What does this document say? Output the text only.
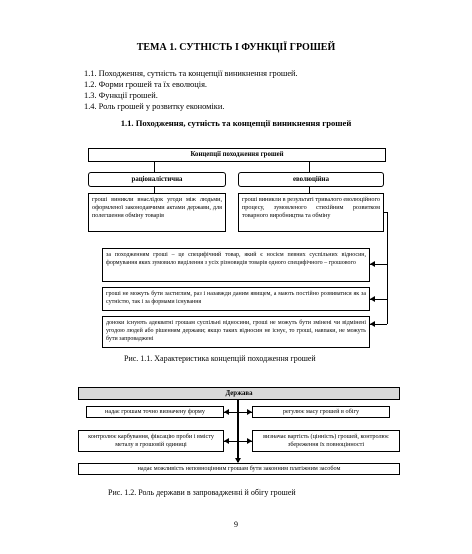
ТЕМА 1. СУТНІСТЬ І ФУНКЦІЇ ГРОШЕЙ
1.1. Походження, сутність та концепції виникнення грошей.
1.2. Форми грошей та їх еволюція.
1.3. Функції грошей.
1.4. Роль грошей у розвитку економіки.
1.1. Походження, сутність та концепції виникнення грошей
Концепції походження грошей
раціоналістична	еволюційна
гроші виникли внаслідок угоди між людьми, оформленої законодавчими актами держави, для полегшення обміну товарів
гроші виникли в результаті тривалого еволюційного процесу, зумовленого стихійним розвитком товарного виробництва та обміну
за походженням гроші – це специфічний товар, який є носієм певних суспільних відносин, формування яких зумовило виділення з усіх різновидів товарів одного специфічного – грошового
гроші не можуть бути застиглим, раз і назавжди даним явищем, а мають постійно розвиватися як за сутністю, так і за формами існування
доноки існують адекватні грошам суспільні відносини, гроші не можуть бути змінені чи відмінені угодою людей або рішенням держави; якщо таких відносин не існує, то гроші, навпаки, не можуть бути запроваджені
Рис. 1.1. Характеристика концепцій походження грошей
Держава
надає грошам точно визначену форму	регулює масу грошей в обігу
контролює карбування, фіксацію проби і вмісту металу в грошовій одиниці
визначає вартість (цінність) грошей, контролює збереження їх повноцінності
надає можливість неповноцінним грошам бути законним платіжним засобом
Рис. 1.2. Роль держави в запровадженні й обігу грошей
9
